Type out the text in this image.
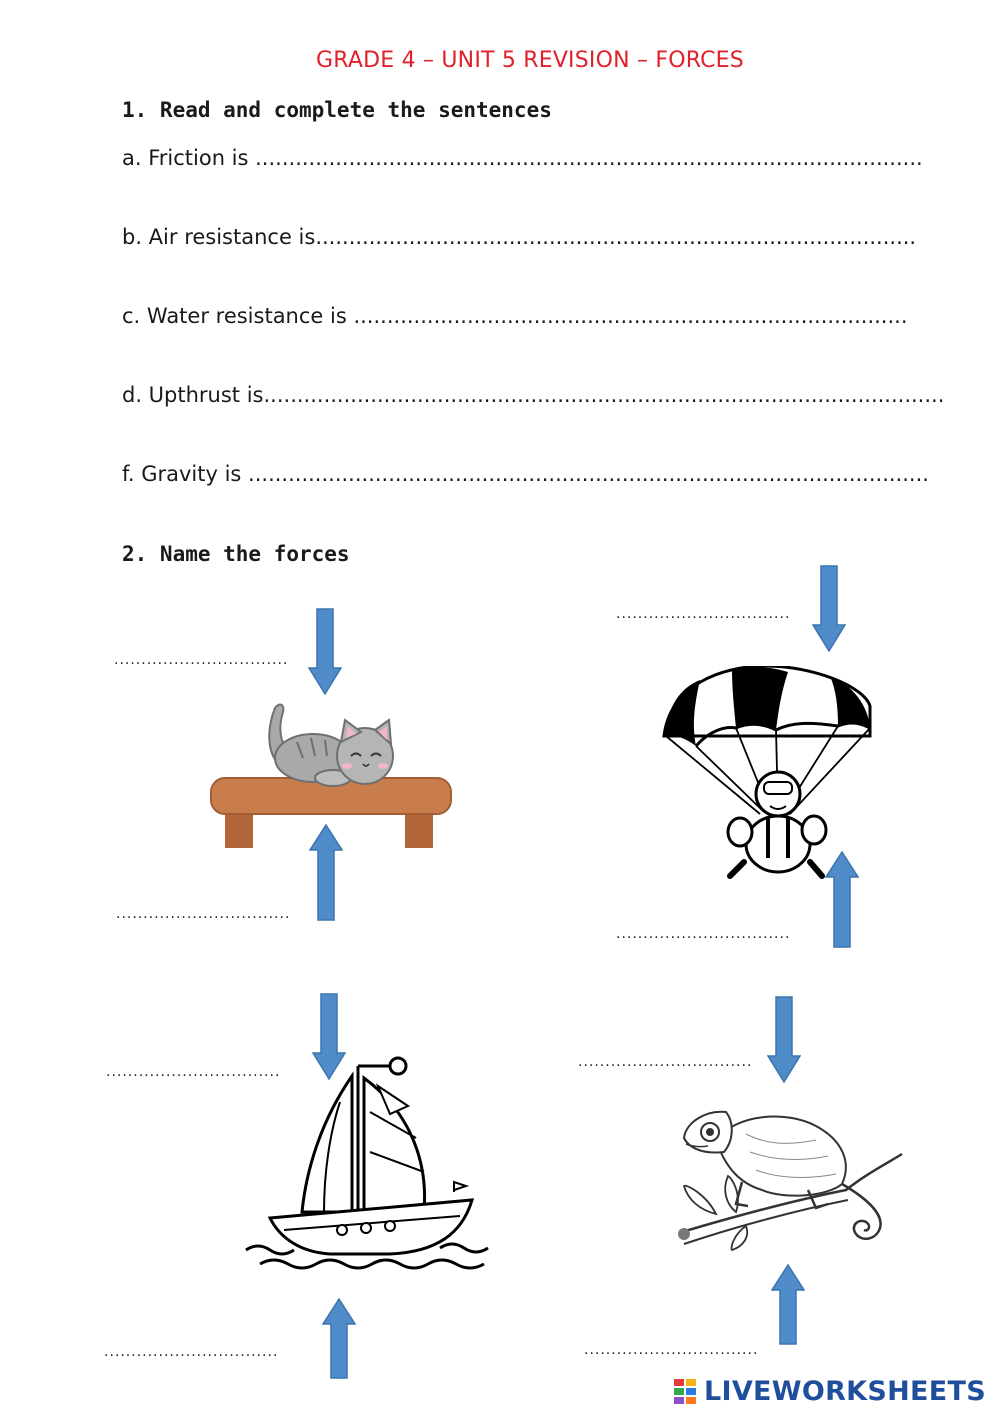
GRADE 4 – UNIT 5 REVISION – FORCES
1. Read and complete the sentences
a. Friction is ....................................................................................................
b. Air resistance is..........................................................................................
c. Water resistance is ...................................................................................
d. Upthrust is......................................................................................................
f. Gravity is ......................................................................................................
2. Name the forces
................................
................................
................................
................................
................................
................................
................................
................................
LIVEWORKSHEETS
